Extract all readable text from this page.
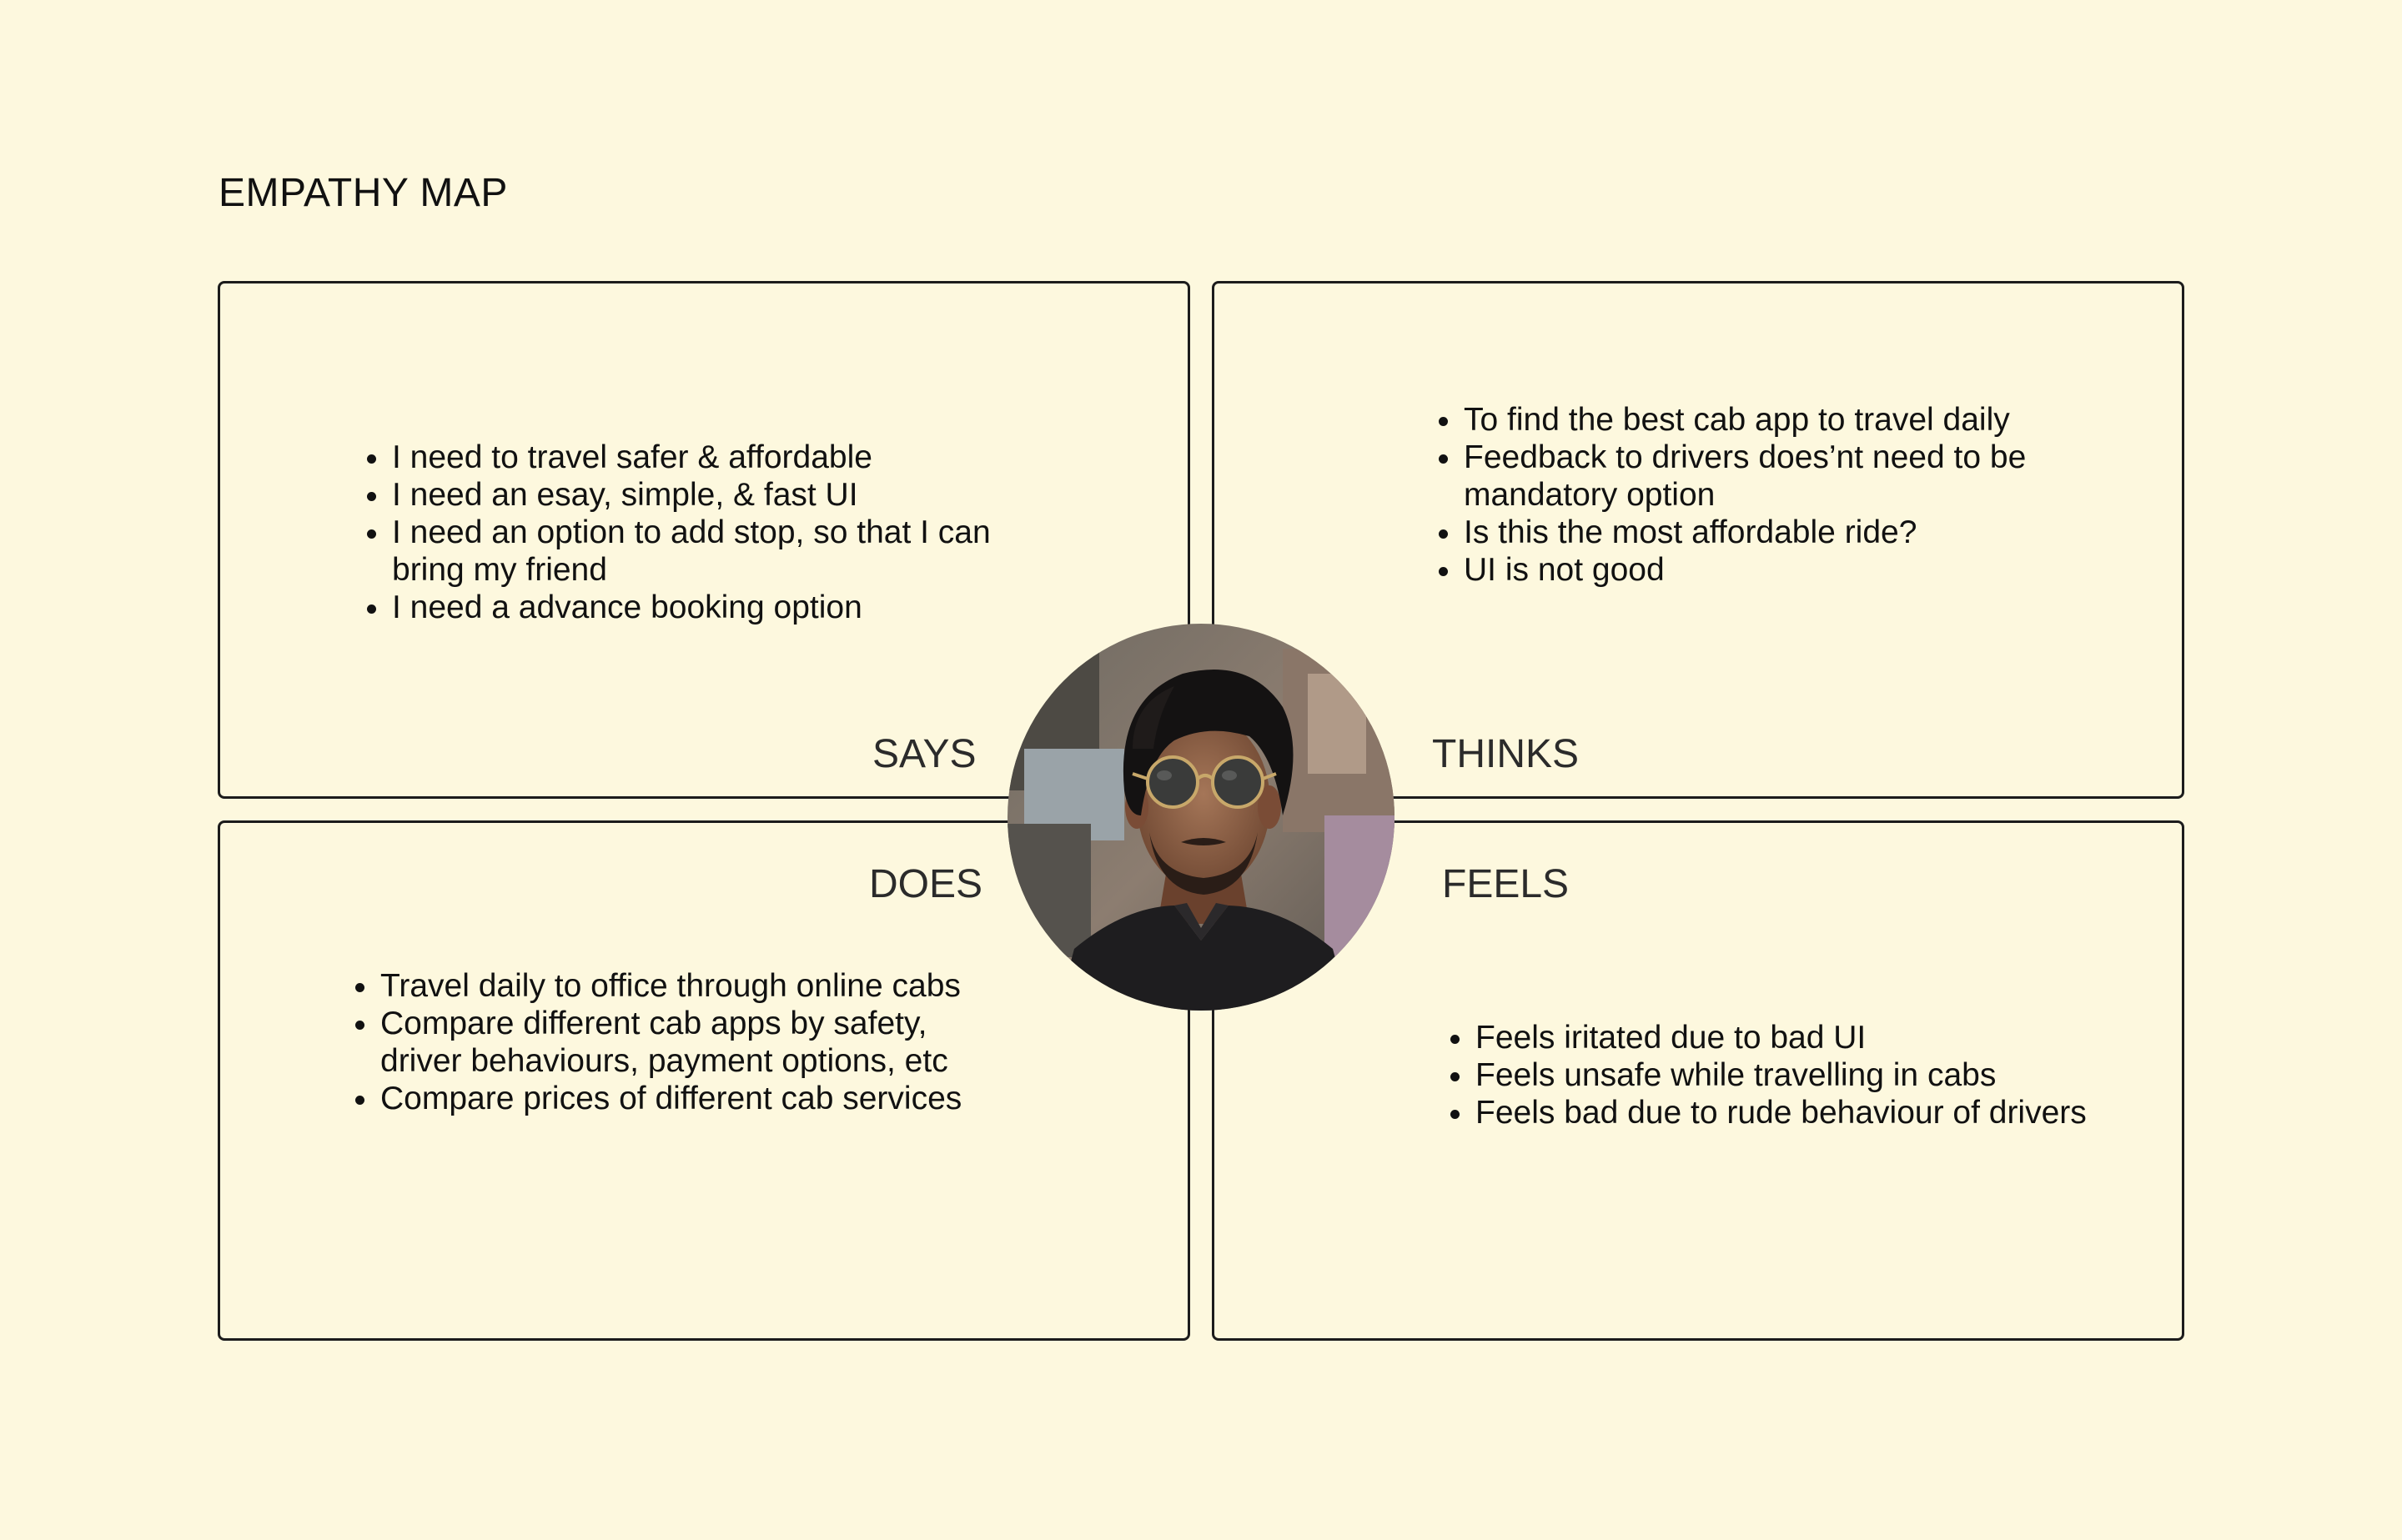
EMPATHY MAP
I need to travel safer & affordable
I need an esay, simple, & fast UI
I need an option to add stop, so that I can bring my friend
I need a advance booking option
SAYS
To find the best cab app to travel daily
Feedback to drivers does’nt need to be mandatory option
Is this the most affordable ride?
UI is not good
THINKS
DOES
Travel daily to office through online cabs
Compare different cab apps by safety, driver behaviours, payment options, etc
Compare prices of different cab services
FEELS
Feels iritated due to bad UI
Feels unsafe while travelling in cabs
Feels bad due to rude behaviour of drivers
